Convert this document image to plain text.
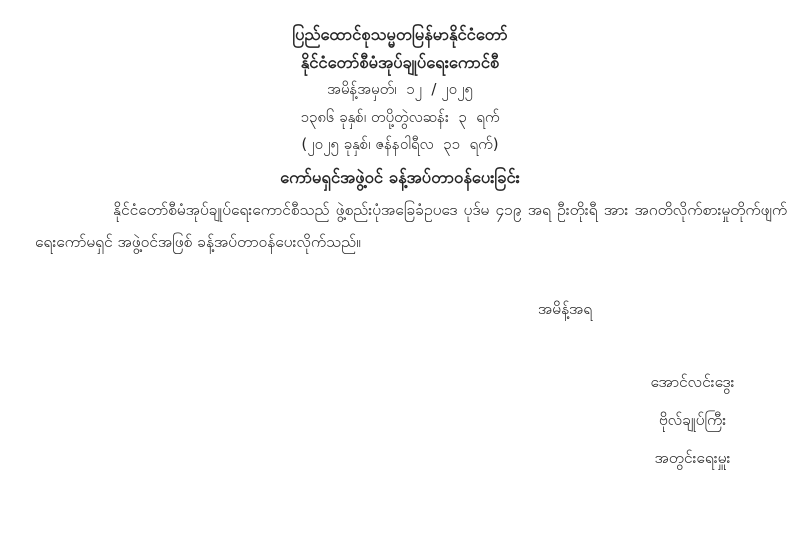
ပြည်ထောင်စုသမ္မတမြန်မာနိုင်ငံတော်
နိုင်ငံတော်စီမံအုပ်ချုပ်ရေးကောင်စီ
အမိန့်အမှတ်၊  ၁၂  / ၂၀၂၅
၁၃၈၆ ခုနှစ်၊ တပို့တွဲလဆန်း  ၃  ရက်
(၂၀၂၅ ခုနှစ်၊ ဇန်နဝါရီလ  ၃၁  ရက်)
ကော်မရှင်အဖွဲ့ဝင် ခန့်အပ်တာဝန်ပေးခြင်း

နိုင်ငံတော်စီမံအုပ်ချုပ်ရေးကောင်စီသည် ဖွဲ့စည်းပုံအခြေခံဥပဒေ ပုဒ်မ ၄၁၉ အရ ဦးတိုးရီ အား အဂတိလိုက်စားမှုတိုက်ဖျက်ရေးကော်မရှင် အဖွဲ့ဝင်အဖြစ် ခန့်အပ်တာဝန်ပေးလိုက်သည်။

အမိန့်အရ
အောင်လင်းဒွေး
ဗိုလ်ချုပ်ကြီး
အတွင်းရေးမှူး
